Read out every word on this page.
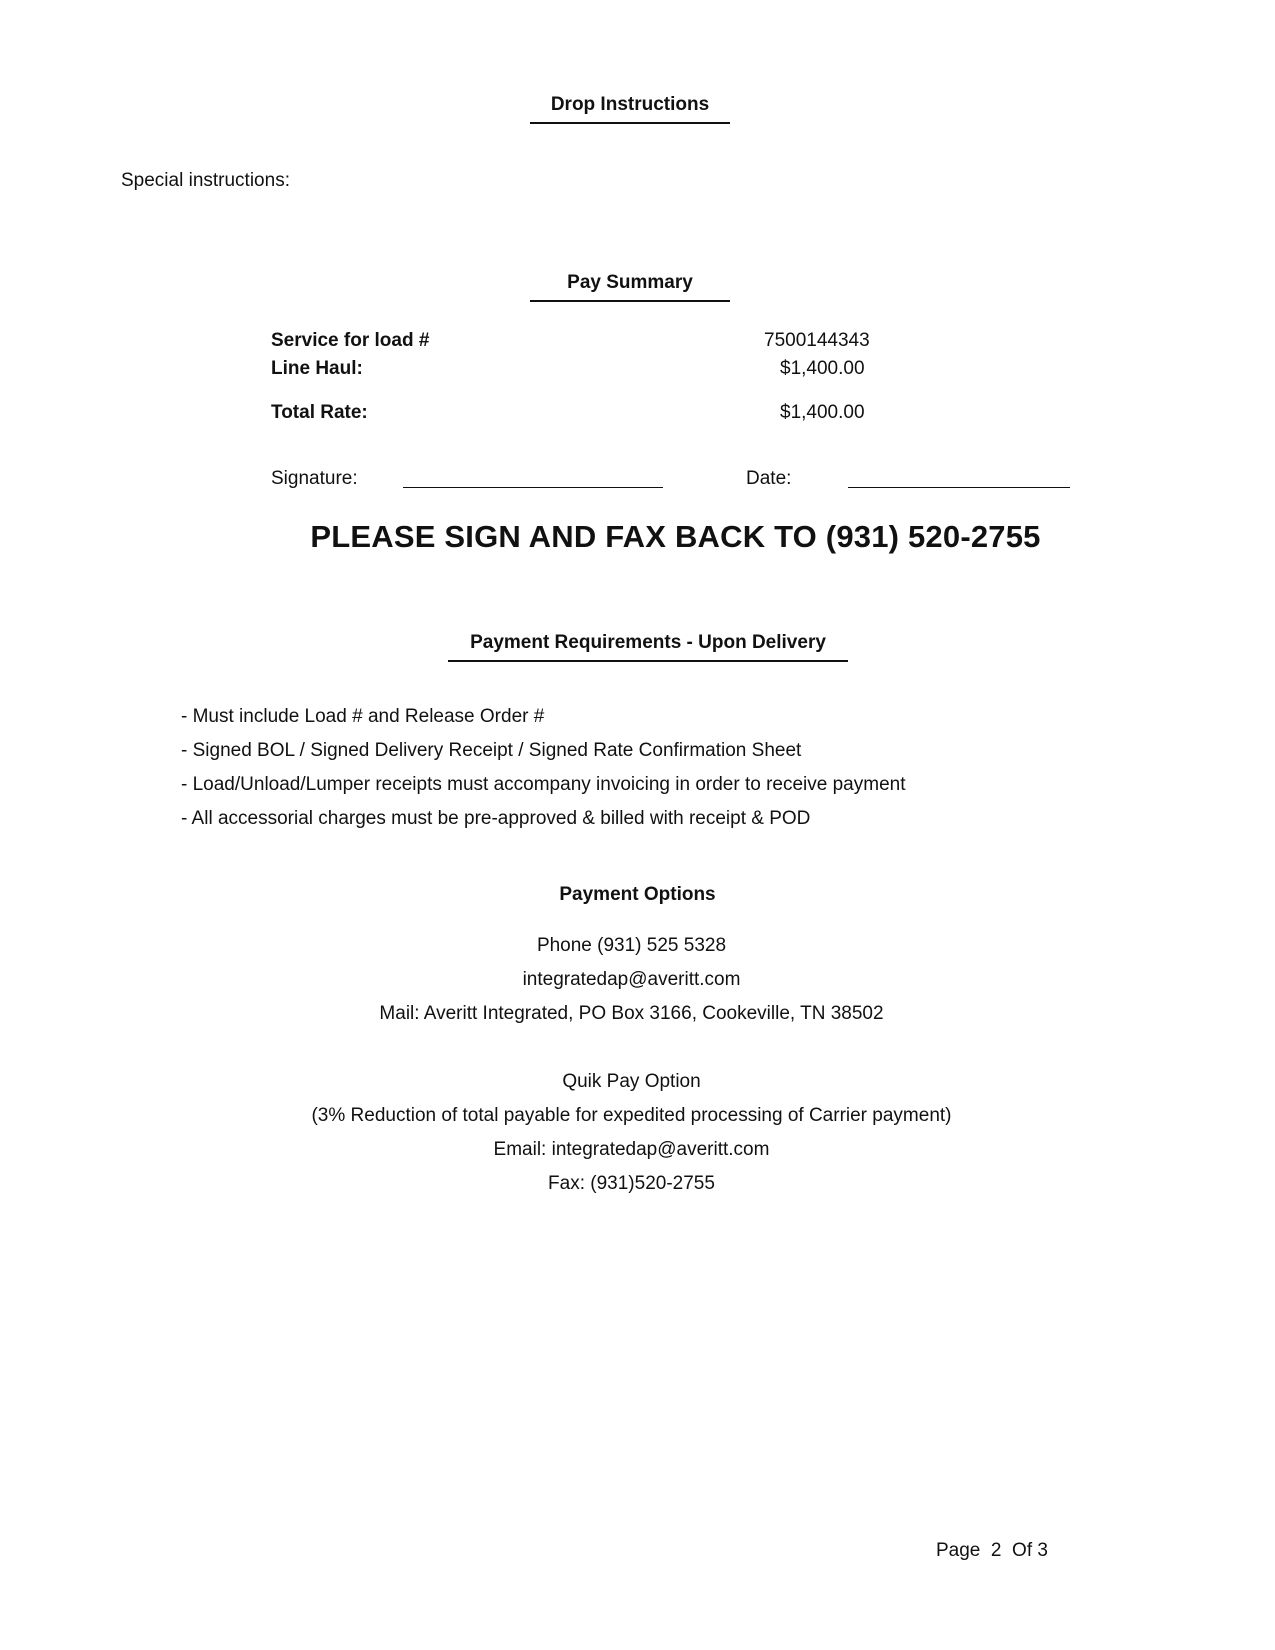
Drop Instructions
Special instructions:
Pay Summary
Service for load #	7500144343
Line Haul:	$1,400.00
Total Rate:	$1,400.00
Signature:	Date:
PLEASE SIGN AND FAX BACK TO (931) 520-2755
Payment Requirements - Upon Delivery
- Must include Load # and Release Order #
- Signed BOL / Signed Delivery Receipt / Signed Rate Confirmation Sheet
- Load/Unload/Lumper receipts must accompany invoicing in order to receive payment
- All accessorial charges must be pre-approved & billed with receipt & POD
Payment Options
Phone (931) 525 5328
integratedap@averitt.com
Mail: Averitt Integrated, PO Box 3166, Cookeville, TN 38502
Quik Pay Option
(3% Reduction of total payable for expedited processing of Carrier payment)
Email: integratedap@averitt.com
Fax: (931)520-2755
Page  2  Of 3
